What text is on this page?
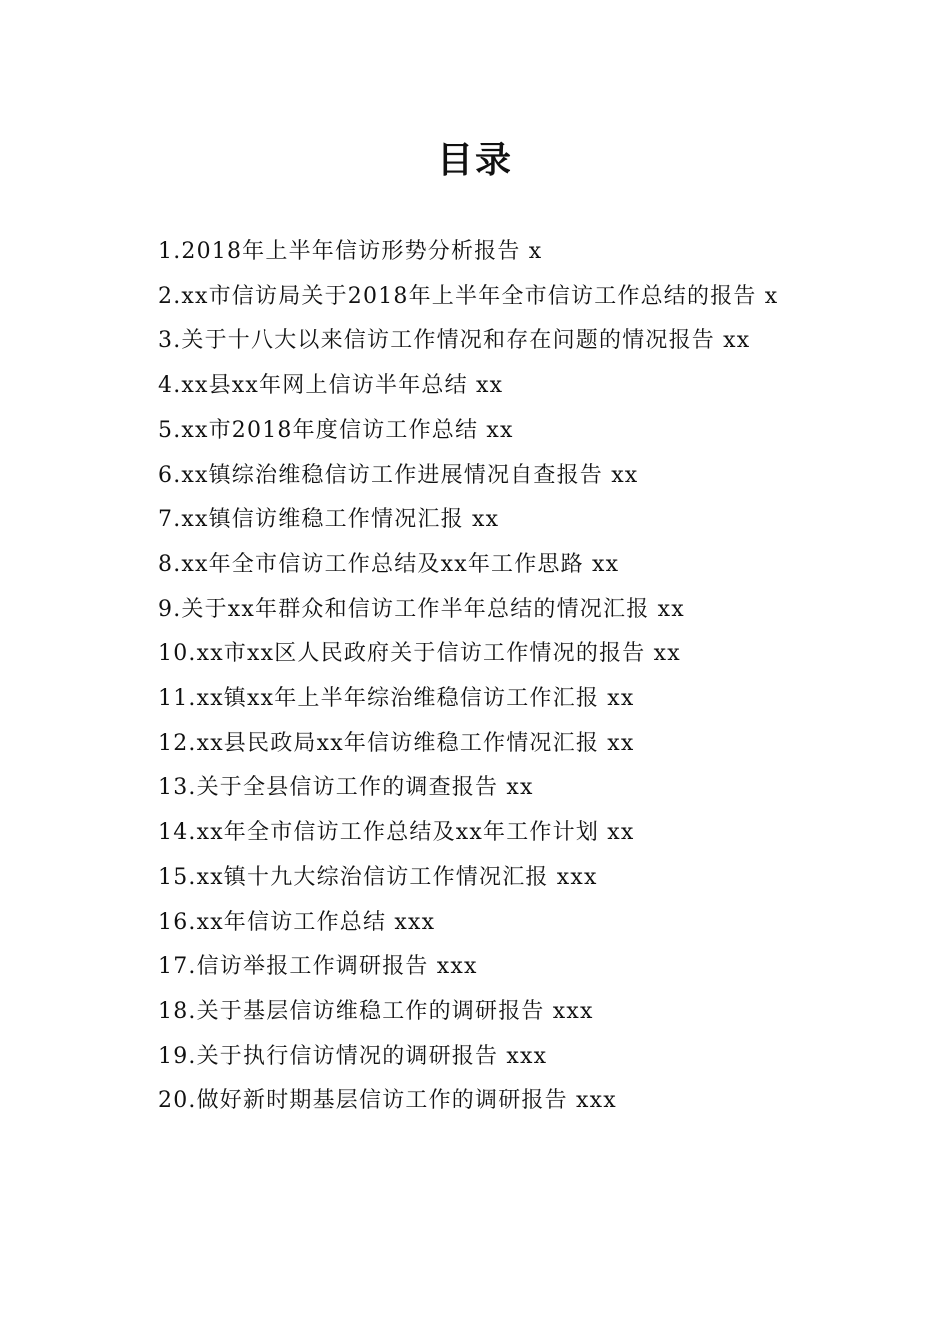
目录
1.2018年上半年信访形势分析报告 x
2.xx市信访局关于2018年上半年全市信访工作总结的报告 x
3.关于十八大以来信访工作情况和存在问题的情况报告 xx
4.xx县xx年网上信访半年总结 xx
5.xx市2018年度信访工作总结 xx
6.xx镇综治维稳信访工作进展情况自查报告 xx
7.xx镇信访维稳工作情况汇报 xx
8.xx年全市信访工作总结及xx年工作思路 xx
9.关于xx年群众和信访工作半年总结的情况汇报 xx
10.xx市xx区人民政府关于信访工作情况的报告 xx
11.xx镇xx年上半年综治维稳信访工作汇报 xx
12.xx县民政局xx年信访维稳工作情况汇报 xx
13.关于全县信访工作的调查报告 xx
14.xx年全市信访工作总结及xx年工作计划 xx
15.xx镇十九大综治信访工作情况汇报 xxx
16.xx年信访工作总结 xxx
17.信访举报工作调研报告 xxx
18.关于基层信访维稳工作的调研报告 xxx
19.关于执行信访情况的调研报告 xxx
20.做好新时期基层信访工作的调研报告 xxx
